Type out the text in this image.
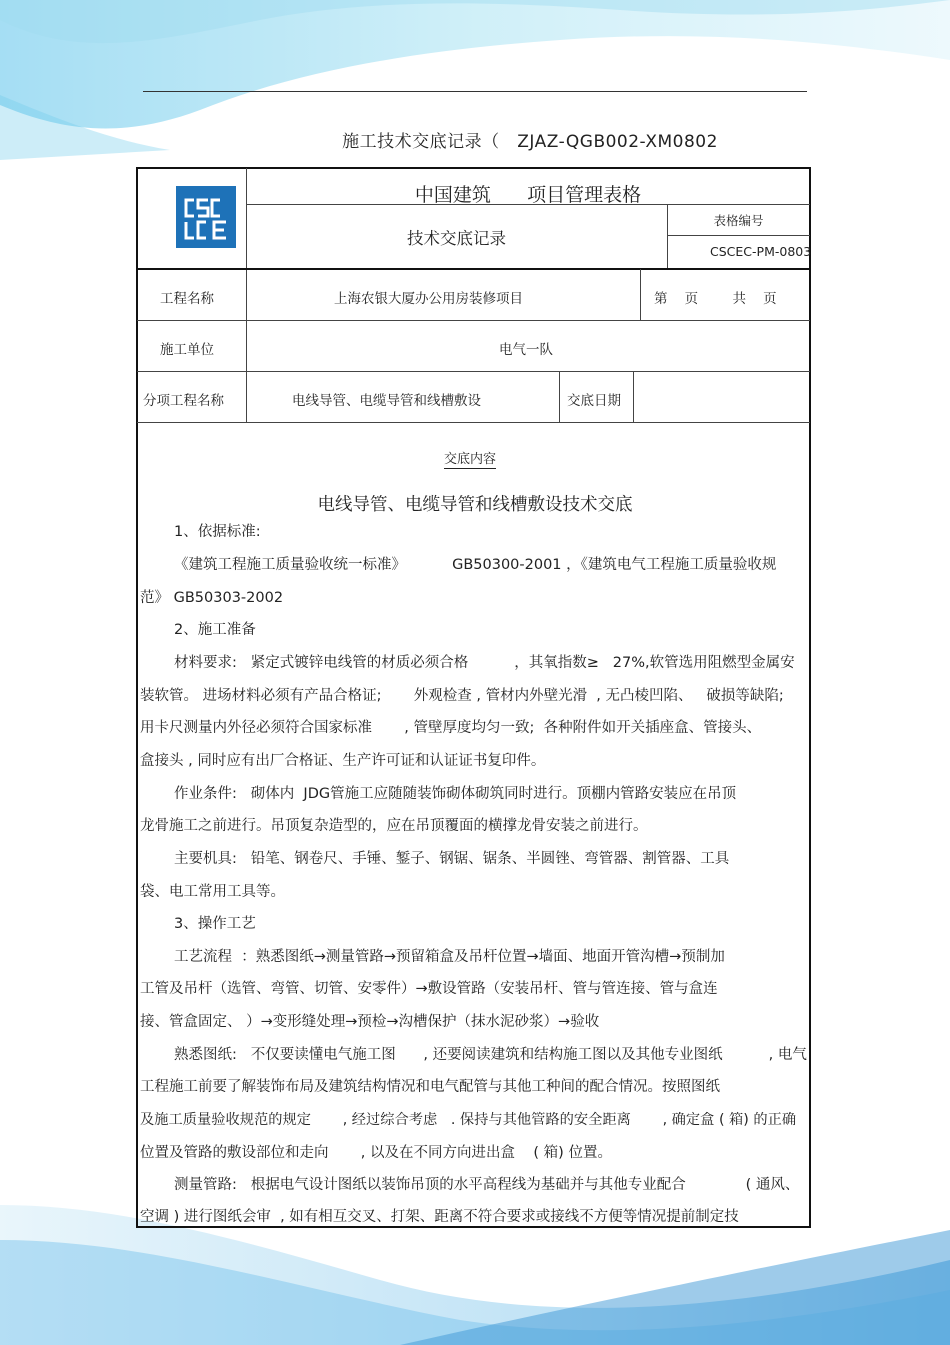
施工技术交底记录（   ZJAZ-QGB002-XM0802
中国建筑      项目管理表格
技术交底记录
表格编号
CSCEC-PM-0803
工程名称	上海农银大厦办公用房装修项目	第    页        共    页
施工单位	电气一队
分项工程名称	电线导管、电缆导管和线槽敷设	交底日期
交底内容
电线导管、电缆导管和线槽敷设技术交底
1、依据标准:
《建筑工程施工质量验收统一标准》          GB50300-2001 ，《建筑电气工程施工质量验收规
范》 GB50303-2002
2、施工准备
材料要求:   紧定式镀锌电线管的材质必须合格          ，其氧指数≥   27%,软管选用阻燃型金属安
装软管。 进场材料必须有产品合格证;       外观检查 , 管材内外壁光滑  , 无凸棱凹陷、   破损等缺陷;
用卡尺测量内外径必须符合国家标准       , 管壁厚度均匀一致;  各种附件如开关插座盒、管接头、
盒接头 , 同时应有出厂合格证、生产许可证和认证证书复印件。
作业条件:   砌体内  JDG管施工应随随装饰砌体砌筑同时进行。顶棚内管路安装应在吊顶
龙骨施工之前进行。吊顶复杂造型的，应在吊顶覆面的横撑龙骨安装之前进行。
主要机具:   铅笔、钢卷尺、手锤、錾子、钢锯、锯条、半圆锉、弯管器、割管器、工具
袋、电工常用工具等。
3、操作工艺
工艺流程  ：熟悉图纸→测量管路→预留箱盒及吊杆位置→墙面、地面开管沟槽→预制加
工管及吊杆（选管、弯管、切管、安零件）→敷设管路（安装吊杆、管与管连接、管与盒连
接、管盒固定、 ）→变形缝处理→预检→沟槽保护（抹水泥砂浆）→验收
熟悉图纸:   不仅要读懂电气施工图      , 还要阅读建筑和结构施工图以及其他专业图纸          , 电气
工程施工前要了解装饰布局及建筑结构情况和电气配管与其他工种间的配合情况。按照图纸
及施工质量验收规范的规定       , 经过综合考虑   . 保持与其他管路的安全距离       , 确定盒 ( 箱) 的正确
位置及管路的敷设部位和走向       , 以及在不同方向进出盒    ( 箱) 位置。
测量管路:   根据电气设计图纸以装饰吊顶的水平高程线为基础并与其他专业配合             ( 通风、
空调 ) 进行图纸会审  , 如有相互交叉、打架、距离不符合要求或接线不方便等情况提前制定技
